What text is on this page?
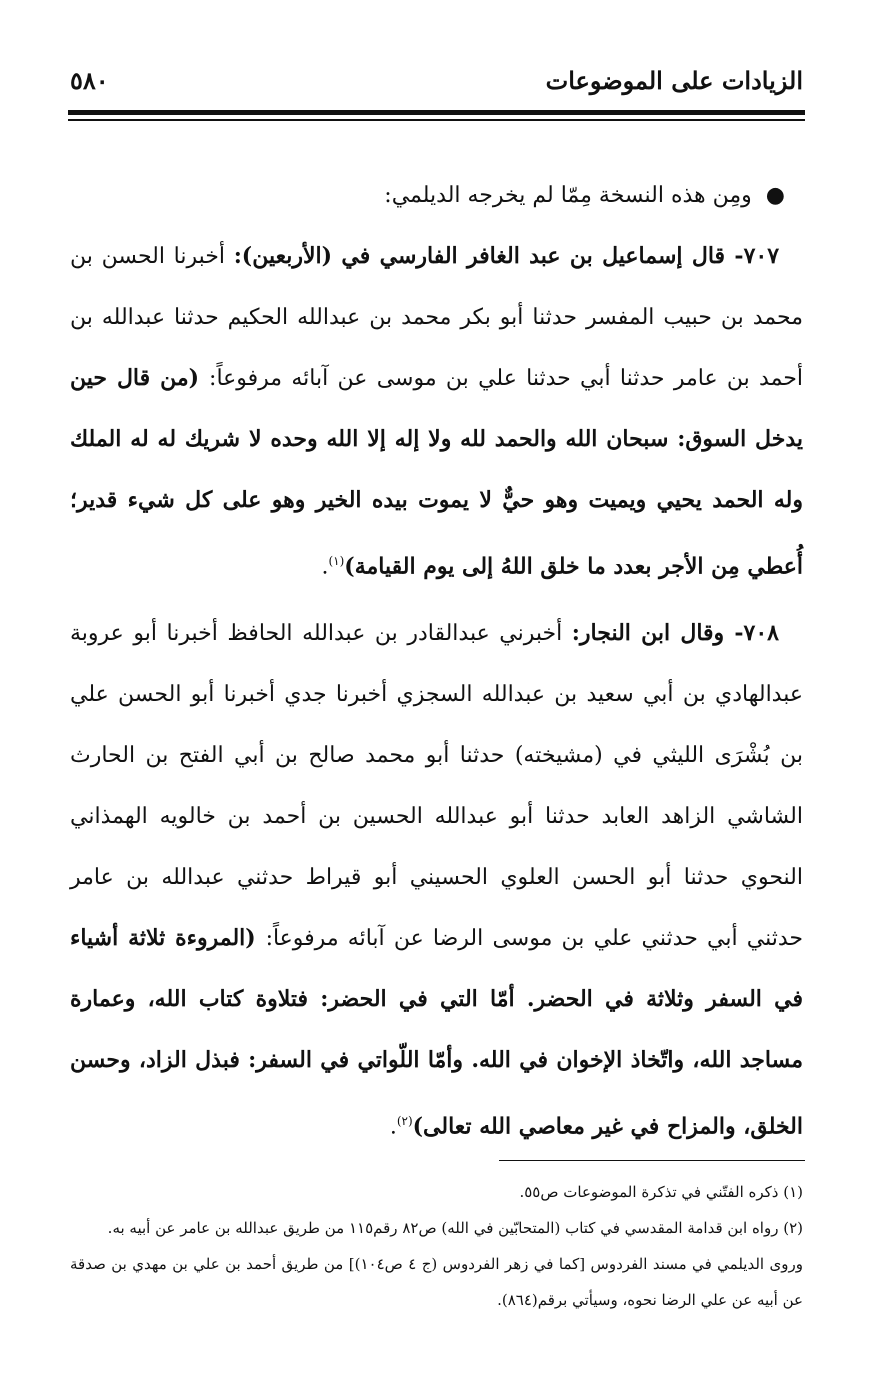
الزيادات على الموضوعات
٥٨٠

●
ومِن هذه النسخة مِمّا لم يخرجه الديلمي:

٧٠٧- قال إسماعيل بن عبد الغافر الفارسي في (الأربعين): أخبرنا الحسن بن محمد بن حبيب المفسر حدثنا أبو بكر محمد بن عبدالله الحكيم حدثنا عبدالله بن أحمد بن عامر حدثنا أبي حدثنا علي بن موسى عن آبائه مرفوعاً: (من قال حين يدخل السوق: سبحان الله والحمد لله ولا إله إلا الله وحده لا شريك له له الملك وله الحمد يحيي ويميت وهو حيٌّ لا يموت بيده الخير وهو على كل شيء قدير؛ أُعطي مِن الأجر بعدد ما خلق اللهُ إلى يوم القيامة)$^{(١)}$.

٧٠٨- وقال ابن النجار: أخبرني عبدالقادر بن عبدالله الحافظ أخبرنا أبو عروبة عبدالهادي بن أبي سعيد بن عبدالله السجزي أخبرنا جدي أخبرنا أبو الحسن علي بن بُشْرَى الليثي في (مشيخته) حدثنا أبو محمد صالح بن أبي الفتح بن الحارث الشاشي الزاهد العابد حدثنا أبو عبدالله الحسين بن أحمد بن خالويه الهمذاني النحوي حدثنا أبو الحسن العلوي الحسيني أبو قيراط حدثني عبدالله بن عامر حدثني أبي حدثني علي بن موسى الرضا عن آبائه مرفوعاً: (المروءة ثلاثة أشياء في السفر وثلاثة في الحضر. أمّا التي في الحضر: فتلاوة كتاب الله، وعمارة مساجد الله، واتّخاذ الإخوان في الله. وأمّا اللّواتي في السفر: فبذل الزاد، وحسن الخلق، والمزاح في غير معاصي الله تعالى)$^{(٢)}$.

(١) ذكره الفتّني في تذكرة الموضوعات ص٥٥.

(٢) رواه ابن قدامة المقدسي في كتاب (المتحابّين في الله) ص٨٢ رقم١١٥ من طريق عبدالله بن عامر عن أبيه به.

وروى الديلمي في مسند الفردوس [كما في زهر الفردوس (ج ٤ ص١٠٤)] من طريق أحمد بن علي بن مهدي بن صدقة عن أبيه عن علي الرضا نحوه، وسيأتي برقم(٨٦٤).
